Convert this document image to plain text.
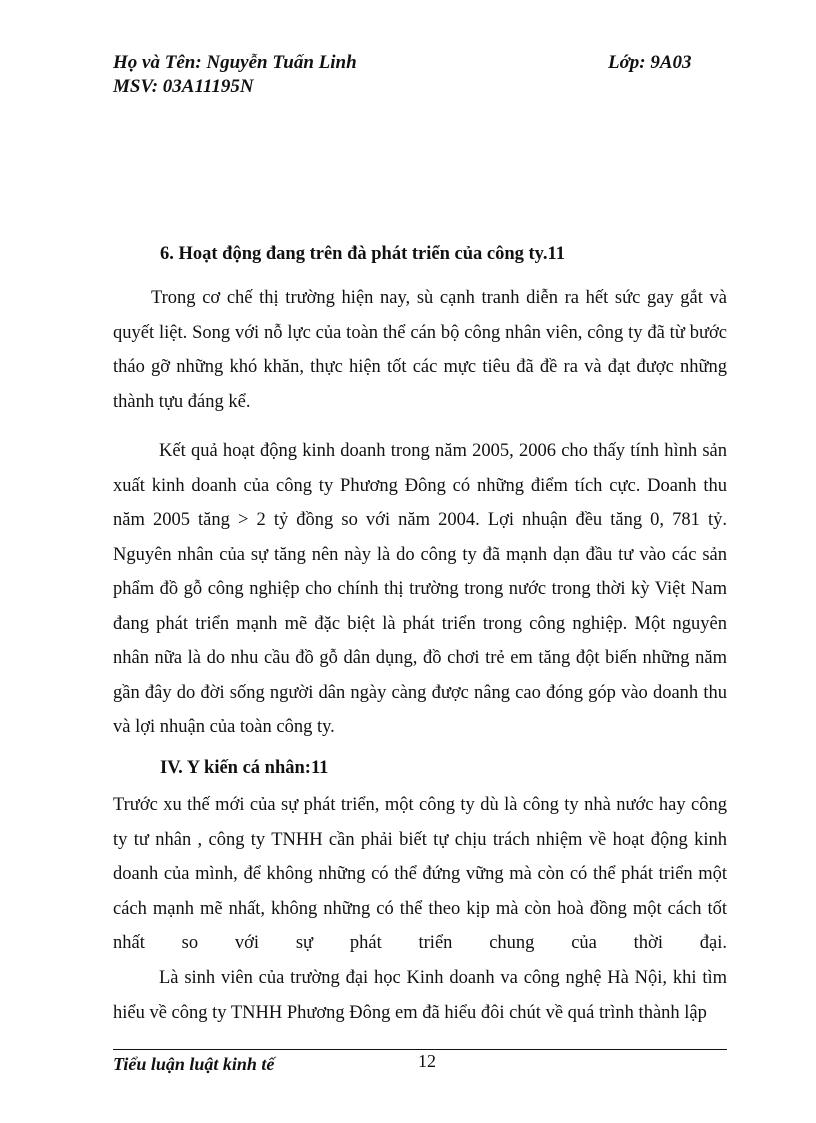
Họ và Tên: Nguyễn Tuấn Linh	Lớp: 9A03
MSV: 03A11195N
6. Hoạt động đang trên đà phát triển của công ty.11
Trong cơ chế thị trường hiện nay, sù cạnh tranh diễn ra hết sức gay gắt và quyết liệt. Song với nỗ lực của toàn thể cán bộ công nhân viên, công ty đã từ bước tháo gỡ những khó khăn, thực hiện tốt các mực tiêu đã đề ra và đạt được những thành tựu đáng kể.
Kết quả hoạt động kinh doanh trong năm 2005, 2006 cho thấy tính hình sản xuất kinh doanh của công ty Phương Đông có những điểm tích cực. Doanh thu năm 2005 tăng > 2 tỷ đồng so với năm 2004. Lợi nhuận đều tăng 0, 781 tỷ. Nguyên nhân của sự tăng nên này là do công ty đã mạnh dạn đầu tư vào các sản phẩm đồ gỗ công nghiệp cho chính thị trường trong nước trong thời kỳ Việt Nam đang phát triển mạnh mẽ đặc biệt là phát triển trong công nghiệp. Một nguyên nhân nữa là do nhu cầu đồ gỗ dân dụng, đồ chơi trẻ em tăng đột biến những năm gần đây do đời sống người dân ngày càng được nâng cao đóng góp vào doanh thu và lợi nhuận của toàn công ty.
IV. Y kiến cá nhân:11
Trước xu thế mới của sự phát triển, một công ty dù là công ty nhà nước hay công ty tư nhân , công ty TNHH cần phải biết tự chịu trách nhiệm về hoạt động kinh doanh của mình, để không những có thể đứng vững mà còn có thể phát triển một cách mạnh mẽ nhất, không những có thể theo kịp mà còn hoà đồng một cách tốt nhất so với sự phát triển chung của thời đại.
Là sinh viên của trường đại học Kinh doanh va công nghệ Hà Nội, khi tìm hiểu về công ty TNHH Phương Đông em đã hiểu đôi chút về quá trình thành lập
Tiểu luận luật kinh tế	12
